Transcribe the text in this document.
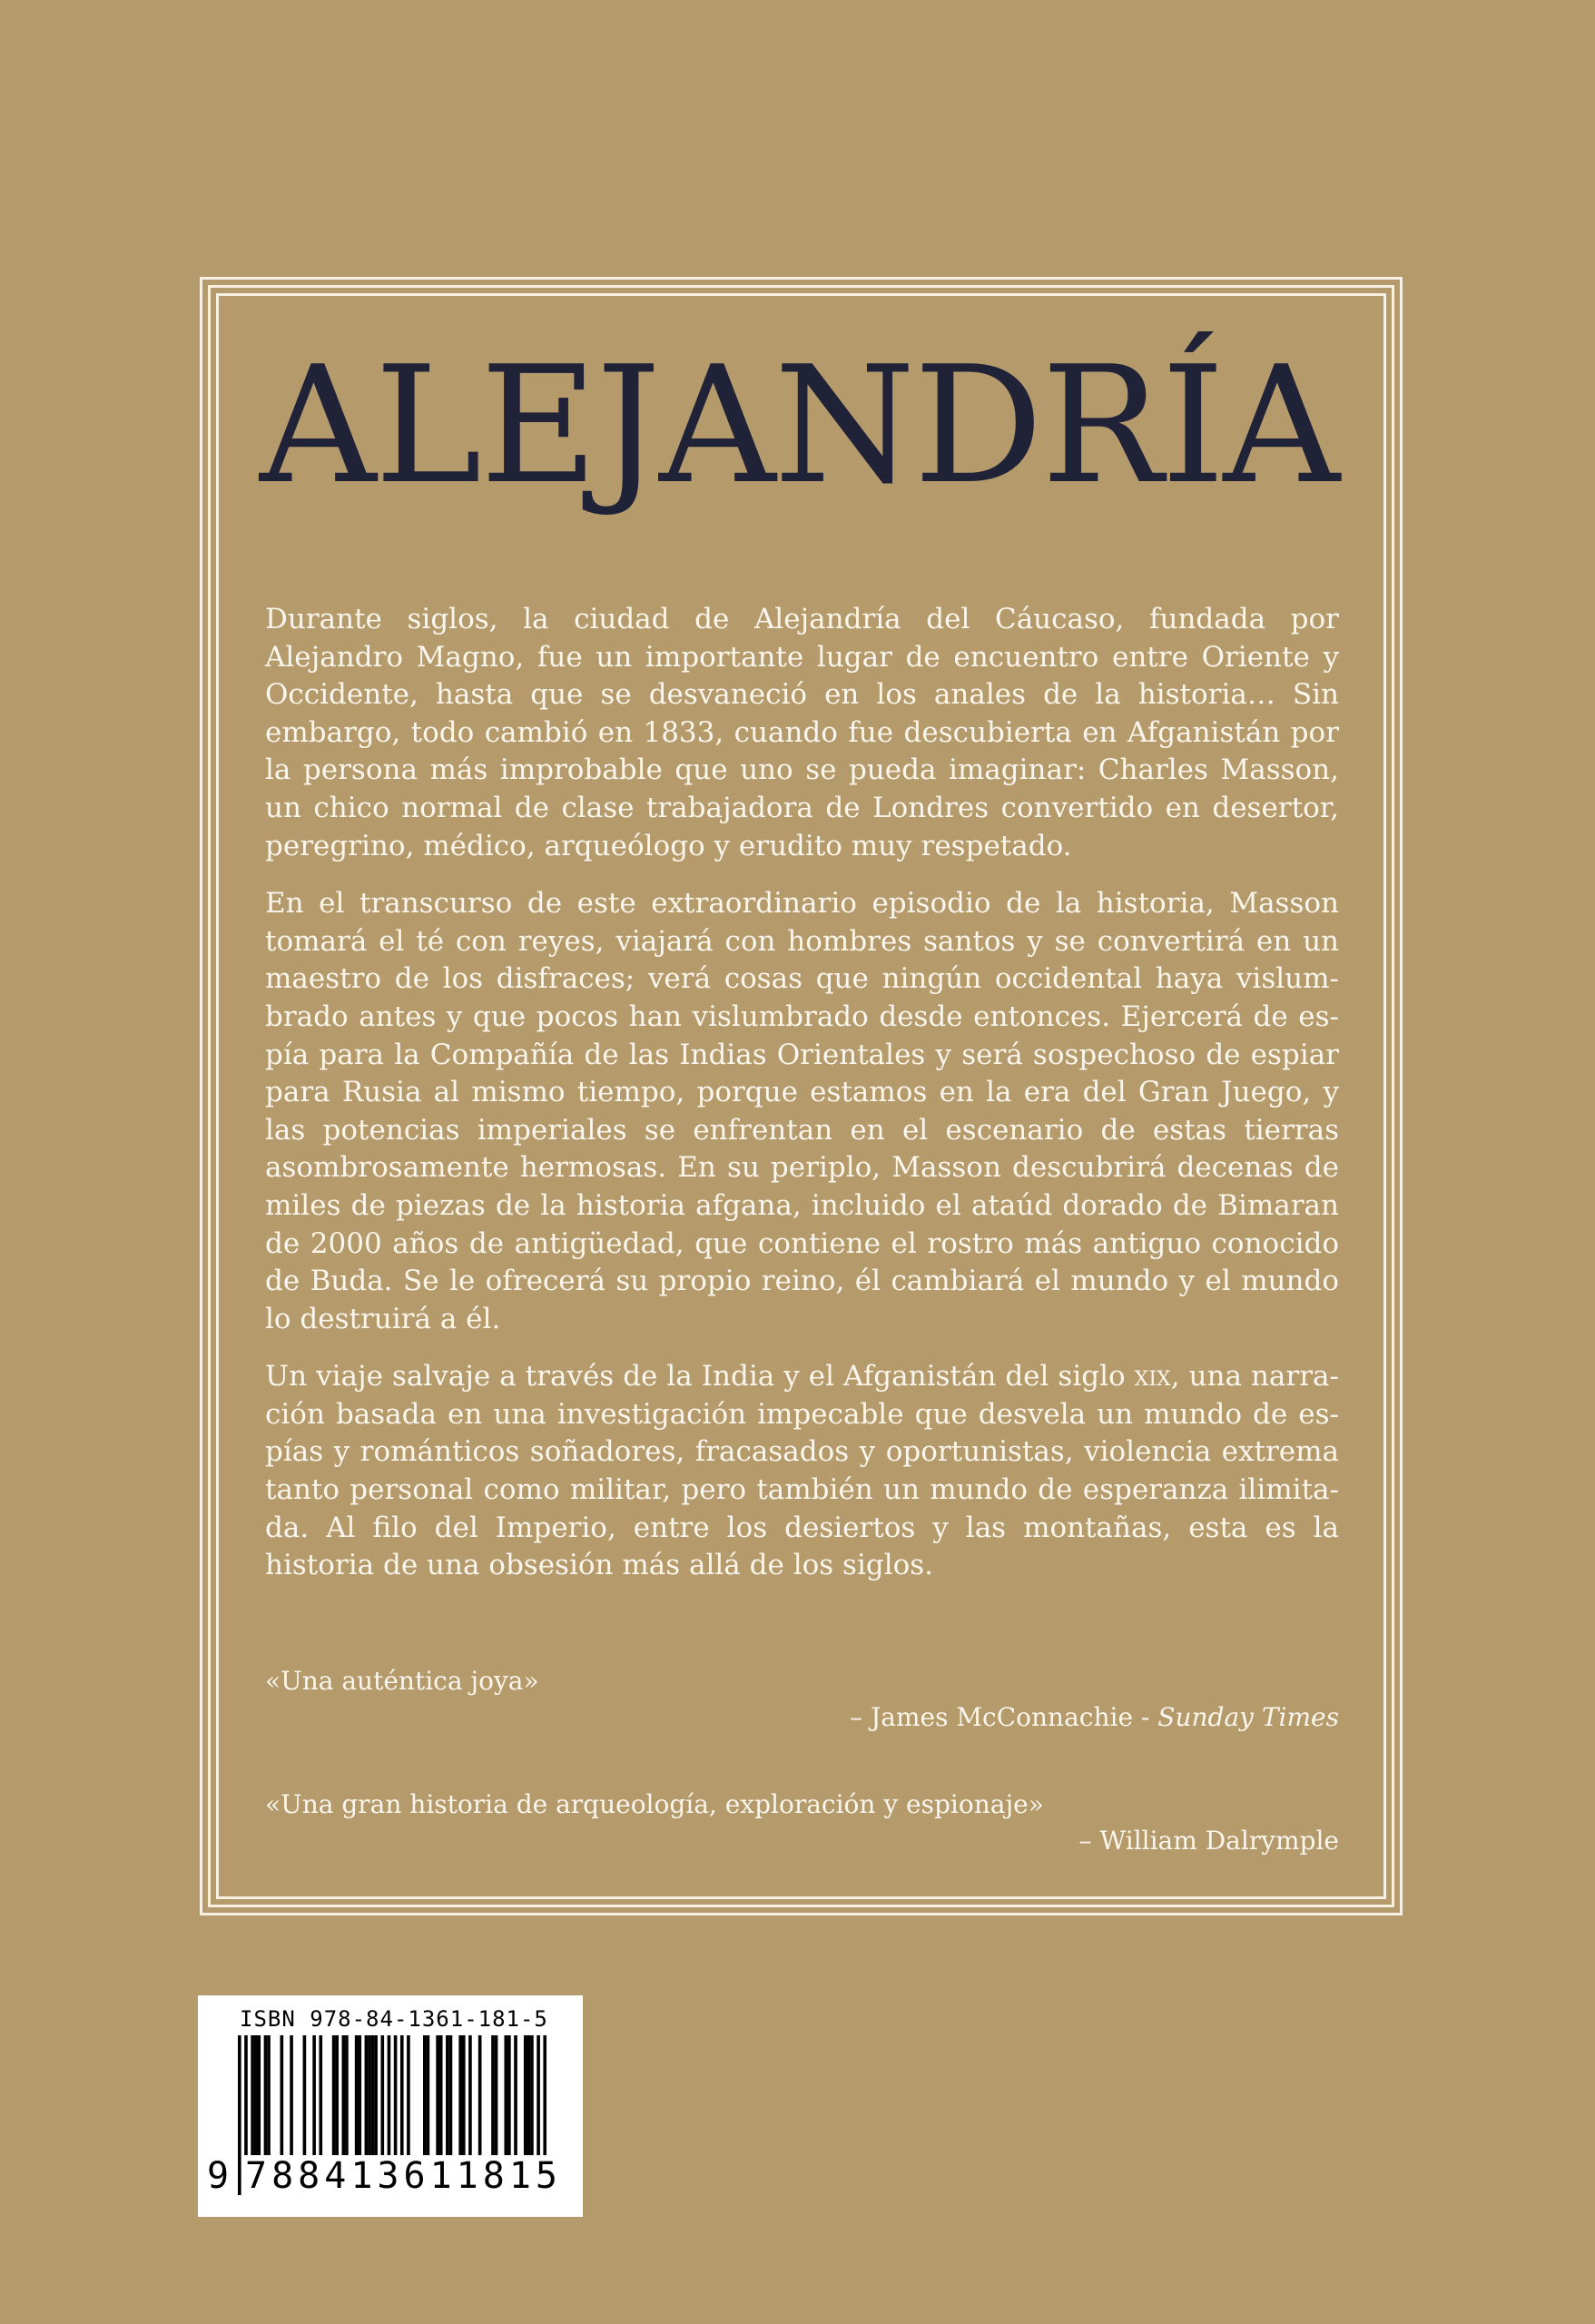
ALEJANDRÍA

Durante siglos, la ciudad de Alejandría del Cáucaso, fundada por Alejandro Magno, fue un importante lugar de encuentro entre Oriente y Occidente, hasta que se desvaneció en los anales de la historia… Sin embargo, todo cambió en 1833, cuando fue descubierta en Afganistán por la persona más improbable que uno se pueda imaginar: Charles Masson, un chico normal de clase trabajadora de Londres convertido en desertor, peregrino, médico, arqueólogo y erudito muy respetado.

En el transcurso de este extraordinario episodio de la historia, Masson tomará el té con reyes, viajará con hombres santos y se convertirá en un maestro de los disfraces; verá cosas que ningún occidental haya vislumbrado antes y que pocos han vislumbrado desde entonces. Ejercerá de espía para la Compañía de las Indias Orientales y será sospechoso de espiar para Rusia al mismo tiempo, porque estamos en la era del Gran Juego, y las potencias imperiales se enfrentan en el escenario de estas tierras asombrosamente hermosas. En su periplo, Masson descubrirá decenas de miles de piezas de la historia afgana, incluido el ataúd dorado de Bimaran de 2000 años de antigüedad, que contiene el rostro más antiguo conocido de Buda. Se le ofrecerá su propio reino, él cambiará el mundo y el mundo lo destruirá a él.

Un viaje salvaje a través de la India y el Afganistán del siglo xix, una narración basada en una investigación impecable que desvela un mundo de espías y románticos soñadores, fracasados y oportunistas, violencia extrema tanto personal como militar, pero también un mundo de esperanza ilimitada. Al filo del Imperio, entre los desiertos y las montañas, esta es la historia de una obsesión más allá de los siglos.

«Una auténtica joya»
– James McConnachie - Sunday Times
«Una gran historia de arqueología, exploración y espionaje»
– William Dalrymple
ISBN 978-84-1361-181-5
9 788413611815
